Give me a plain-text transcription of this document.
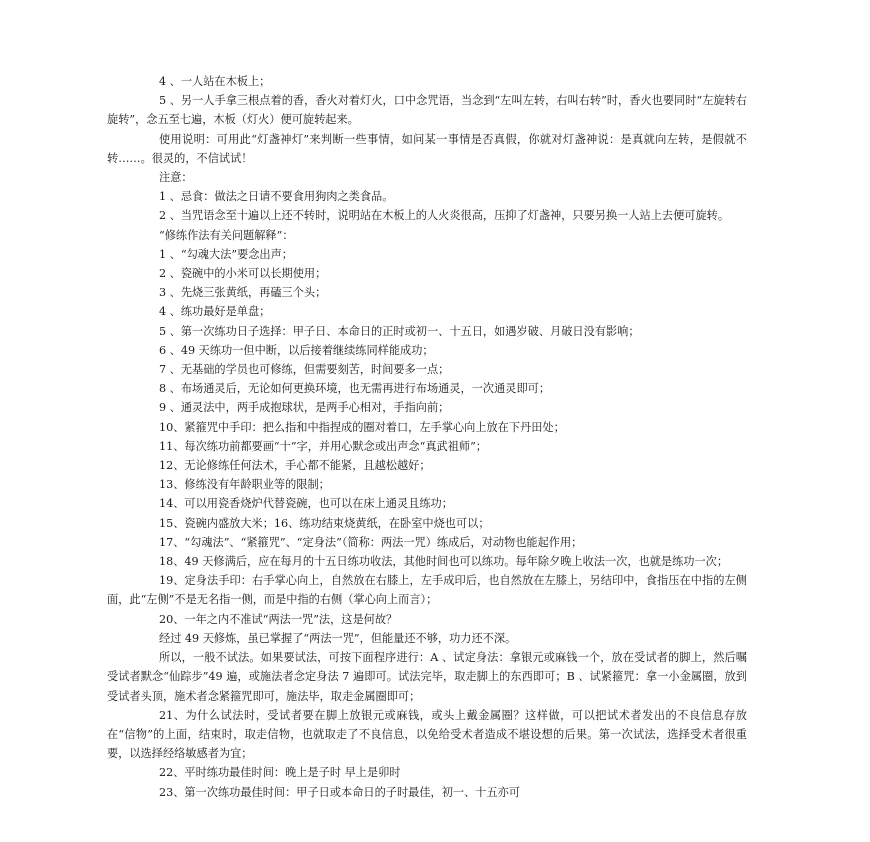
4 、一人站在木板上；

5 、另一人手拿三根点着的香，香火对着灯火，口中念咒语，当念到“左叫左转，右叫右转”时，香火也要同时“左旋转右旋转”，念五至七遍，木板（灯火）便可旋转起来。

使用说明：可用此“灯盏神灯”来判断一些事情，如问某一事情是否真假，你就对灯盏神说：是真就向左转，是假就不转……。很灵的，不信试试！

注意：

1 、忌食：做法之日请不要食用狗肉之类食品。

2 、当咒语念至十遍以上还不转时，说明站在木板上的人火炎很高，压抑了灯盏神，只要另换一人站上去便可旋转。

“修练作法有关问题解释”：

1 、“勾魂大法”要念出声；

2 、瓷碗中的小米可以长期使用；

3 、先烧三张黄纸，再磕三个头；

4 、练功最好是单盘；

5 、第一次练功日子选择：甲子日、本命日的正时或初一、十五日，如遇岁破、月破日没有影响；

6 、49 天练功一但中断，以后接着继续练同样能成功；

7 、无基础的学员也可修练，但需要刻苦，时间要多一点；

8 、布场通灵后，无论如何更换环境，也无需再进行布场通灵，一次通灵即可；

9 、通灵法中，两手成抱球状，是两手心相对，手指向前；

10、紧箍咒中手印：把么指和中指捏成的圈对着口，左手掌心向上放在下丹田处；

11、每次练功前都要画“十”字，并用心默念或出声念“真武祖师”；

12、无论修练任何法术，手心都不能紧，且越松越好；

13、修练没有年龄职业等的限制；

14、可以用瓷香烧炉代替瓷碗，也可以在床上通灵且练功；

15、瓷碗内盛放大米；16、练功结束烧黄纸，在卧室中烧也可以；

17、“勾魂法”、“紧箍咒”、“定身法”（简称：两法一咒）练成后，对动物也能起作用；

18、49 天修满后，应在每月的十五日练功收法，其他时间也可以练功。每年除夕晚上收法一次，也就是练功一次；

19、定身法手印：右手掌心向上，自然放在右膝上，左手成印后，也自然放在左膝上，另结印中，食指压在中指的左侧面，此“左侧”不是无名指一侧，而是中指的右侧（掌心向上而言）；

20、一年之内不准试“两法一咒”法，这是何故？

经过 49 天修炼，虽已掌握了“两法一咒”，但能量还不够，功力还不深。

所以，一般不试法。如果要试法，可按下面程序进行：A 、试定身法：拿银元或麻钱一个，放在受试者的脚上，然后嘱受试者默念“仙踪步”49 遍，或施法者念定身法 7 遍即可。试法完毕，取走脚上的东西即可；B 、试紧箍咒：拿一小金属圈，放到受试者头顶，施术者念紧箍咒即可，施法毕，取走金属圈即可；

21、为什么试法时，受试者要在脚上放银元或麻钱，或头上戴金属圈？这样做，可以把试术者发出的不良信息存放在“信物”的上面，结束时，取走信物，也就取走了不良信息，以免给受术者造成不堪设想的后果。第一次试法，选择受术者很重要，以选择经络敏感者为宜；

22、平时练功最佳时间：晚上是子时 早上是卯时

23、第一次练功最佳时间：甲子日或本命日的子时最佳，初一、十五亦可
